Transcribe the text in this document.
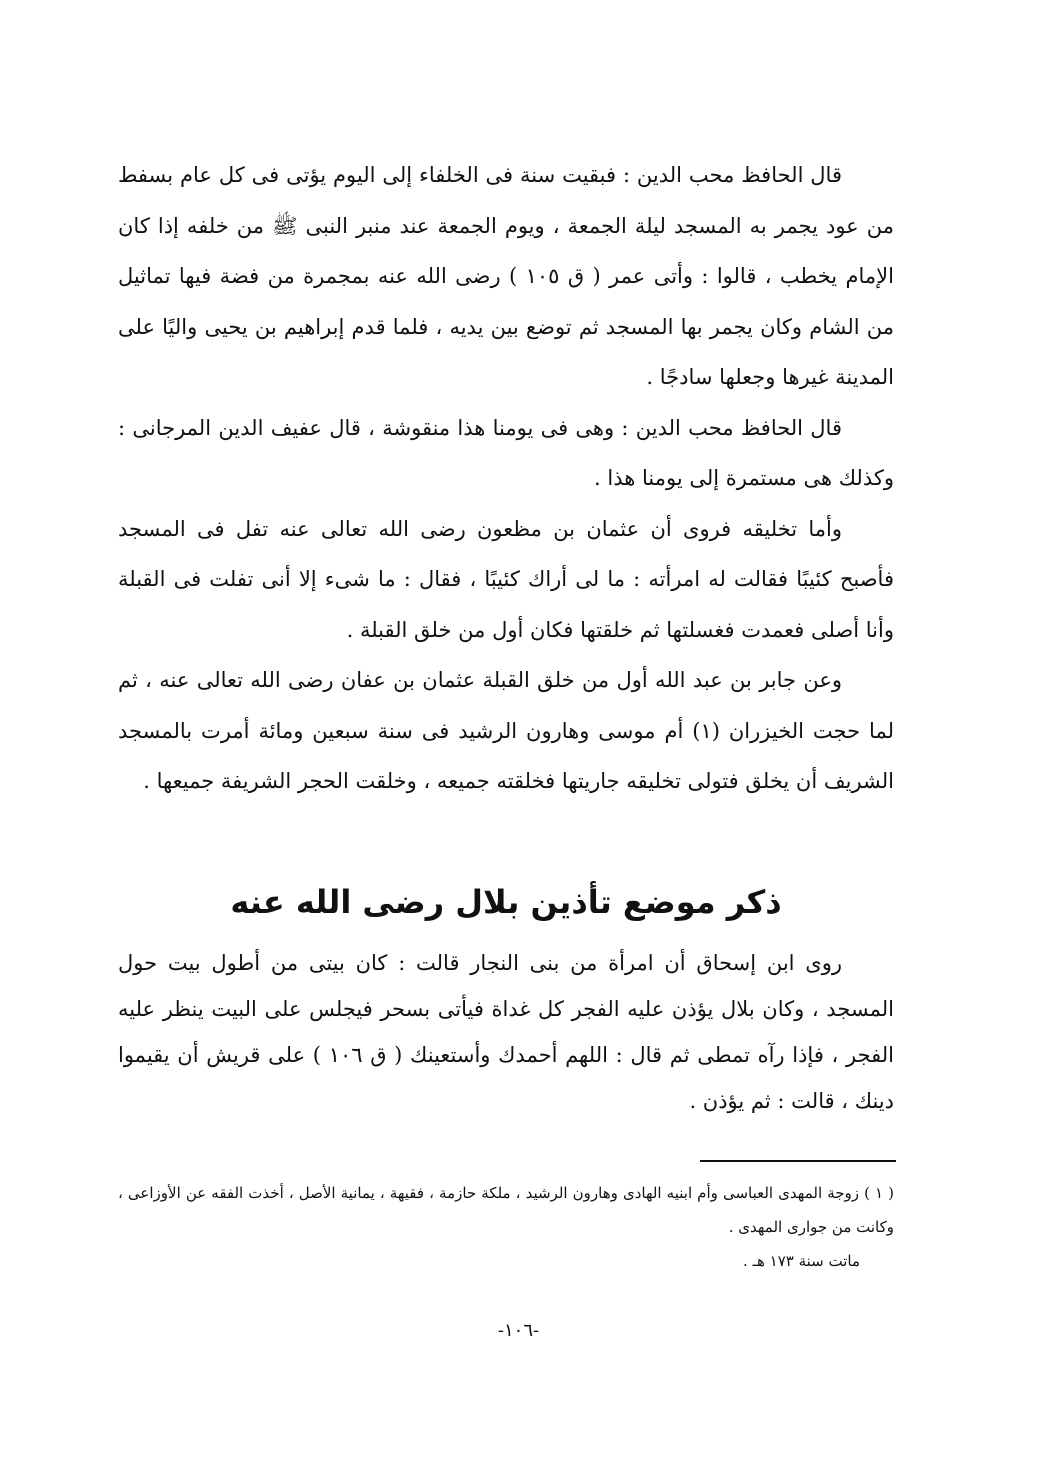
قال الحافظ محب الدين : فبقيت سنة فى الخلفاء إلى اليوم يؤتى فى كل عام بسفط من عود يجمر به المسجد ليلة الجمعة ، ويوم الجمعة عند منبر النبى ﷺ من خلفه إذا كان الإمام يخطب ، قالوا : وأتى عمر ( ق ١٠٥ ) رضى الله عنه بمجمرة من فضة فيها تماثيل من الشام وكان يجمر بها المسجد ثم توضع بين يديه ، فلما قدم إبراهيم بن يحيى واليًا على المدينة غيرها وجعلها سادجًا .

قال الحافظ محب الدين : وهى فى يومنا هذا منقوشة ، قال عفيف الدين المرجانى : وكذلك هى مستمرة إلى يومنا هذا .

وأما تخليقه فروى أن عثمان بن مظعون رضى الله تعالى عنه تفل فى المسجد فأصبح كئيبًا فقالت له امرأته : ما لى أراك كئيبًا ، فقال : ما شىء إلا أنى تفلت فى القبلة وأنا أصلى فعمدت فغسلتها ثم خلقتها فكان أول من خلق القبلة .

وعن جابر بن عبد الله أول من خلق القبلة عثمان بن عفان رضى الله تعالى عنه ، ثم لما حجت الخيزران (١) أم موسى وهارون الرشيد فى سنة سبعين ومائة أمرت بالمسجد الشريف أن يخلق فتولى تخليقه جاريتها فخلقته جميعه ، وخلقت الحجر الشريفة جميعها .

ذكر موضع تأذين بلال رضى الله عنه

روى ابن إسحاق أن امرأة من بنى النجار قالت : كان بيتى من أطول بيت حول المسجد ، وكان بلال يؤذن عليه الفجر كل غداة فيأتى بسحر فيجلس على البيت ينظر عليه الفجر ، فإذا رآه تمطى ثم قال : اللهم أحمدك وأستعينك ( ق ١٠٦ ) على قريش أن يقيموا دينك ، قالت : ثم يؤذن .

( ١ ) زوجة المهدى العباسى وأم ابنيه الهادى وهارون الرشيد ، ملكة حازمة ، فقيهة ، يمانية الأصل ، أخذت الفقه عن الأوزاعى ، وكانت من جوارى المهدى .

ماتت سنة ١٧٣ هـ .

-١٠٦-
